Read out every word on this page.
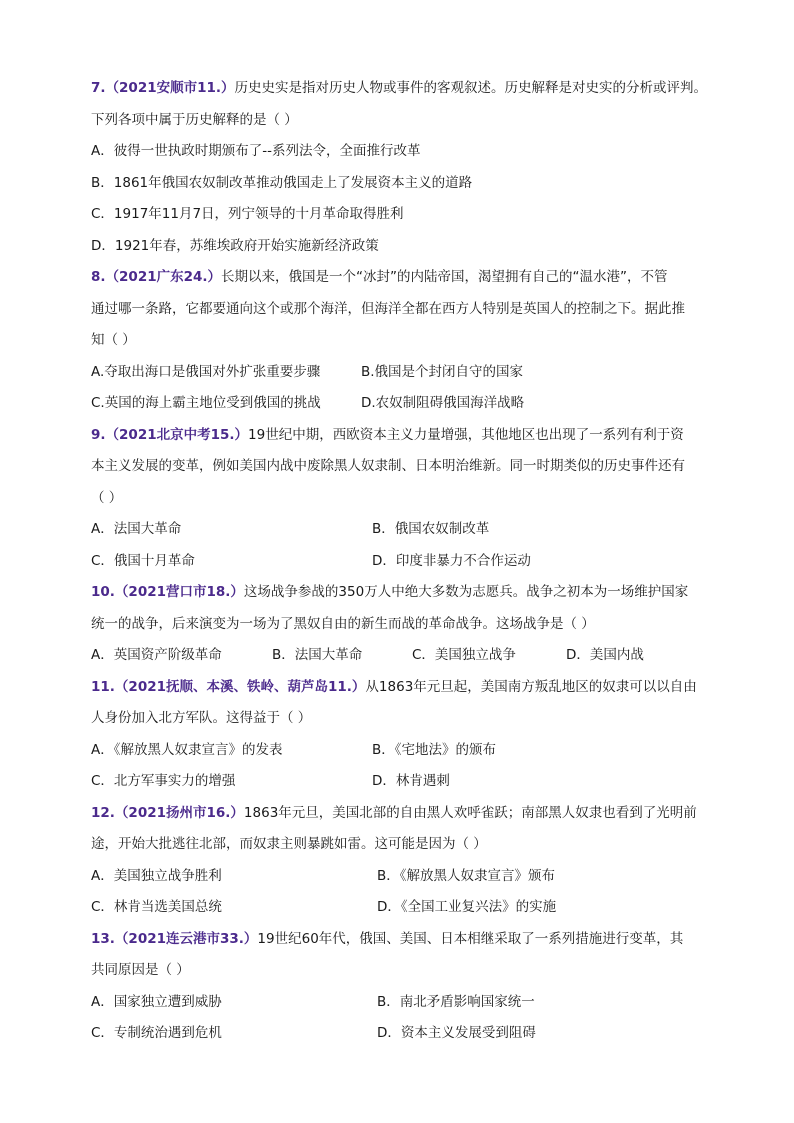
7.（2021安顺市11.）历史史实是指对历史人物或事件的客观叙述。历史解释是对史实的分析或评判。

下列各项中属于历史解释的是（ ）

A．彼得一世执政时期颁布了--系列法令，全面推行改革
B．1861年俄国农奴制改革推动俄国走上了发展资本主义的道路
C．1917年11月7日，列宁领导的十月革命取得胜利
D．1921年春，苏维埃政府开始实施新经济政策

8.（2021广东24.）长期以来，俄国是一个“冰封”的内陆帝国，渴望拥有自己的“温水港”，不管

通过哪一条路，它都要通向这个或那个海洋，但海洋全都在西方人特别是英国人的控制之下。据此推

知（ ）

A.夺取出海口是俄国对外扩张重要步骤	B.俄国是个封闭自守的国家
C.英国的海上霸主地位受到俄国的挑战	D.农奴制阻碍俄国海洋战略

9.（2021北京中考15.）19世纪中期，西欧资本主义力量增强，其他地区也出现了一系列有利于资

本主义发展的变革，例如美国内战中废除黑人奴隶制、日本明治维新。同一时期类似的历史事件还有

（ ）

A．法国大革命	B．俄国农奴制改革
C．俄国十月革命	D．印度非暴力不合作运动

10.（2021营口市18.）这场战争参战的350万人中绝大多数为志愿兵。战争之初本为一场维护国家

统一的战争，后来演变为一场为了黑奴自由的新生而战的革命战争。这场战争是（ ）

A．英国资产阶级革命	B．法国大革命	C．美国独立战争	D．美国内战

11.（2021抚顺、本溪、铁岭、葫芦岛11.）从1863年元旦起，美国南方叛乱地区的奴隶可以以自由

人身份加入北方军队。这得益于（ ）

A．《解放黑人奴隶宣言》的发表	B．《宅地法》的颁布
C．北方军事实力的增强	D．林肯遇刺

12.（2021扬州市16.）1863年元旦，美国北部的自由黑人欢呼雀跃；南部黑人奴隶也看到了光明前

途，开始大批逃往北部，而奴隶主则暴跳如雷。这可能是因为（ ）

A．美国独立战争胜利	B．《解放黑人奴隶宣言》颁布
C．林肯当选美国总统	D．《全国工业复兴法》的实施

13.（2021连云港市33.）19世纪60年代，俄国、美国、日本相继采取了一系列措施进行变革，其

共同原因是（ ）

A．国家独立遭到威胁	B．南北矛盾影响国家统一
C．专制统治遇到危机	D．资本主义发展受到阻碍
